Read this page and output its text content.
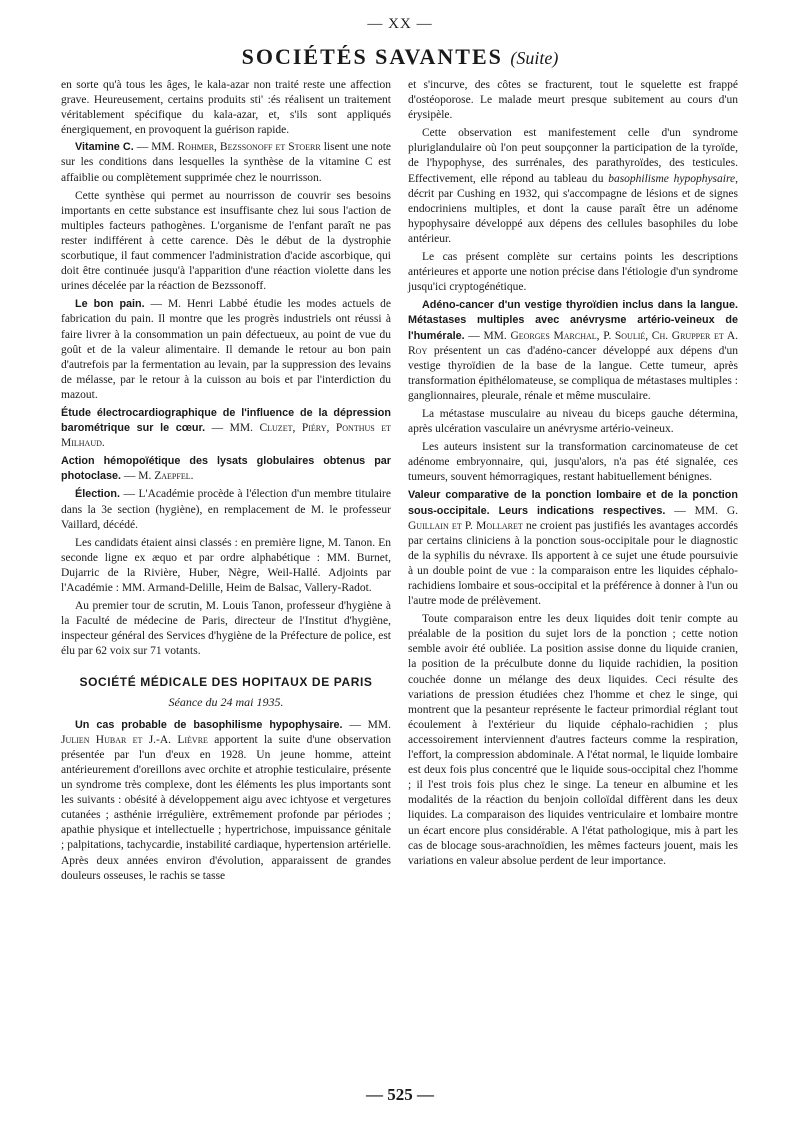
— XX —
SOCIÉTÉS SAVANTES (Suite)

en sorte qu'à tous les âges, le kala-azar non traité reste une affection grave. Heureusement, certains produits sti' :és réalisent un traitement véritablement spécifique du kala-azar, et, s'ils sont appliqués énergiquement, en provoquent la guérison rapide.

Vitamine C. — MM. Rohmer, Bezssonoff et Stoerr lisent une note sur les conditions dans lesquelles la synthèse de la vitamine C est affaiblie ou complètement supprimée chez le nourrisson.

Cette synthèse qui permet au nourrisson de couvrir ses besoins importants en cette substance est insuffisante chez lui sous l'action de multiples facteurs pathogènes. L'organisme de l'enfant paraît ne pas rester indifférent à cette carence. Dès le début de la dystrophie scorbutique, il faut commencer l'administration d'acide ascorbique, qui doit être continuée jusqu'à l'apparition d'une réaction violette dans les urines décelée par la réaction de Bezssonoff.

Le bon pain. — M. Henri Labbé étudie les modes actuels de fabrication du pain. Il montre que les progrès industriels ont réussi à faire livrer à la consommation un pain défectueux, au point de vue du goût et de la valeur alimentaire. Il demande le retour au bon pain d'autrefois par la fermentation au levain, par la suppression des levains de mélasse, par le retour à la cuisson au bois et par l'interdiction du mazout.

Étude électrocardiographique de l'influence de la dépression barométrique sur le cœur. — MM. Cluzet, Piéry, Ponthus et Milhaud.

Action hémopoïétique des lysats globulaires obtenus par photoclase. — M. Zaepfel.

Élection. — L'Académie procède à l'élection d'un membre titulaire dans la 3e section (hygiène), en remplacement de M. le professeur Vaillard, décédé.

Les candidats étaient ainsi classés : en première ligne, M. Tanon. En seconde ligne ex æquo et par ordre alphabétique : MM. Burnet, Dujarric de la Rivière, Huber, Nègre, Weil-Hallé. Adjoints par l'Académie : MM. Armand-Delille, Heim de Balsac, Vallery-Radot.

Au premier tour de scrutin, M. Louis Tanon, professeur d'hygiène à la Faculté de médecine de Paris, directeur de l'Institut d'hygiène, inspecteur général des Services d'hygiène de la Préfecture de police, est élu par 62 voix sur 71 votants.

SOCIÉTÉ MÉDICALE DES HOPITAUX DE PARIS
Séance du 24 mai 1935.

Un cas probable de basophilisme hypophysaire. — MM. Julien Hubar et J.-A. Lièvre apportent la suite d'une observation présentée par l'un d'eux en 1928. Un jeune homme, atteint antérieurement d'oreillons avec orchite et atrophie testiculaire, présente un syndrome très complexe, dont les éléments les plus importants sont les suivants : obésité à développement aigu avec ichtyose et vergetures cutanées ; asthénie irrégulière, extrêmement profonde par périodes ; apathie physique et intellectuelle ; hypertrichose, impuissance génitale ; palpitations, tachycardie, instabilité cardiaque, hypertension artérielle. Après deux années environ d'évolution, apparaissent de grandes douleurs osseuses, le rachis se tasse

et s'incurve, des côtes se fracturent, tout le squelette est frappé d'ostéoporose. Le malade meurt presque subitement au cours d'un érysipèle.

Cette observation est manifestement celle d'un syndrome pluriglandulaire où l'on peut soupçonner la participation de la tyroïde, de l'hypophyse, des surrénales, des parathyroïdes, des testicules. Effectivement, elle répond au tableau du basophilisme hypophysaire, décrit par Cushing en 1932, qui s'accompagne de lésions et de signes endocriniens multiples, et dont la cause paraît être un adénome hypophysaire développé aux dépens des cellules basophiles du lobe antérieur.

Le cas présent complète sur certains points les descriptions antérieures et apporte une notion précise dans l'étiologie d'un syndrome jusqu'ici cryptogénétique.

Adéno-cancer d'un vestige thyroïdien inclus dans la langue. Métastases multiples avec anévrysme artério-veineux de l'humérale. — MM. Georges Marchal, P. Soulié, Ch. Grupper et A. Roy présentent un cas d'adéno-cancer développé aux dépens d'un vestige thyroïdien de la base de la langue. Cette tumeur, après transformation épithélomateuse, se compliqua de métastases multiples : ganglionnaires, pleurale, rénale et même musculaire.

La métastase musculaire au niveau du biceps gauche détermina, après ulcération vasculaire un anévrysme artério-veineux.

Les auteurs insistent sur la transformation carcinomateuse de cet adénome embryonnaire, qui, jusqu'alors, n'a pas été signalée, ces tumeurs, souvent hémorragiques, restant habituellement bénignes.

Valeur comparative de la ponction lombaire et de la ponction sous-occipitale. Leurs indications respectives. — MM. G. Guillain et P. Mollaret ne croient pas justifiés les avantages accordés par certains cliniciens à la ponction sous-occipitale pour le diagnostic de la syphilis du névraxe. Ils apportent à ce sujet une étude poursuivie à un double point de vue : la comparaison entre les liquides céphalo-rachidiens lombaire et sous-occipital et la préférence à donner à l'un ou l'autre mode de prélèvement.

Toute comparaison entre les deux liquides doit tenir compte au préalable de la position du sujet lors de la ponction ; cette notion semble avoir été oubliée. La position assise donne du liquide cranien, la position de la préculbute donne du liquide rachidien, la position couchée donne un mélange des deux liquides. Ceci résulte des variations de pression étudiées chez l'homme et chez le singe, qui montrent que la pesanteur représente le facteur primordial réglant tout écoulement à l'extérieur du liquide céphalo-rachidien ; plus accessoirement interviennent d'autres facteurs comme la respiration, l'effort, la compression abdominale. A l'état normal, le liquide lombaire est deux fois plus concentré que le liquide sous-occipital chez l'homme ; il l'est trois fois plus chez le singe. La teneur en albumine et les modalités de la réaction du benjoin colloïdal diffèrent dans les deux liquides. La comparaison des liquides ventriculaire et lombaire montre un écart encore plus considérable. A l'état pathologique, mis à part les cas de blocage sous-arachnoïdien, les mêmes facteurs jouent, mais les variations en valeur absolue perdent de leur importance.

— 525 —
